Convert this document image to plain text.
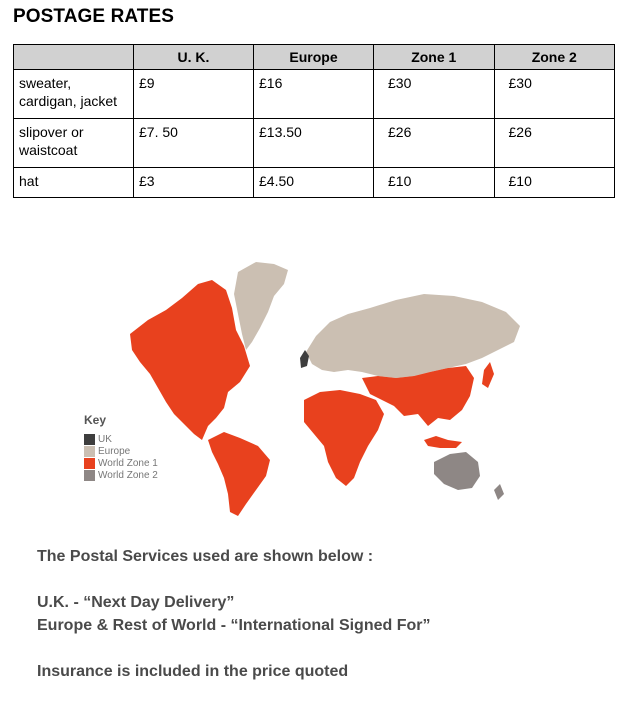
POSTAGE RATES
	U. K.	Europe	Zone 1	Zone 2
sweater, cardigan, jacket	£9	£16	£30	£30
slipover or waistcoat	£7. 50	£13.50	£26	£26
hat	£3	£4.50	£10	£10
Key
UK
Europe
World Zone 1
World Zone 2
The Postal Services used are shown below :
U.K. - “Next Day Delivery”
Europe & Rest of World - “International Signed For”
Insurance is included in the price quoted
